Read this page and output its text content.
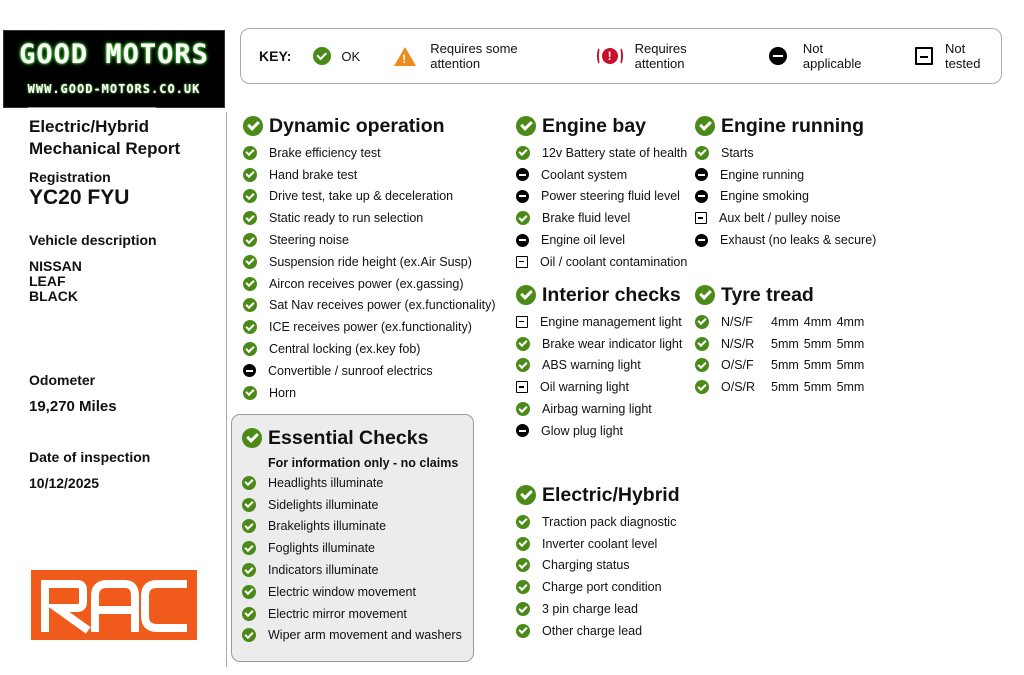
GOOD MOTORS
WWW.GOOD-MOTORS.CO.UK
Electric/Hybrid
Mechanical Report
Registration
YC20 FYU
Vehicle description
NISSAN
LEAF
BLACK
Odometer
19,270 Miles
Date of inspection
10/12/2025
KEY:	OK !	Requires some attention	!	Requires attention
Not applicable
Not tested
Dynamic operation
Brake efficiency test
Hand brake test
Drive test, take up & deceleration
Static ready to run selection
Steering noise
Suspension ride height (ex.Air Susp)
Aircon receives power (ex.gassing)
Sat Nav receives power (ex.functionality)
ICE receives power (ex.functionality)
Central locking (ex.key fob)
Convertible / sunroof electrics
Horn
Essential Checks
For information only - no claims
Headlights illuminate
Sidelights illuminate
Brakelights illuminate
Foglights illuminate
Indicators illuminate
Electric window movement
Electric mirror movement
Wiper arm movement and washers
Engine bay
12v Battery state of health
Coolant system
Power steering fluid level
Brake fluid level
Engine oil level
Oil / coolant contamination
Interior checks
Engine management light
Brake wear indicator light
ABS warning light
Oil warning light
Airbag warning light
Glow plug light
Electric/Hybrid
Traction pack diagnostic
Inverter coolant level
Charging status
Charge port condition
3 pin charge lead
Other charge lead
Engine running
Starts
Engine running
Engine smoking
Aux belt / pulley noise
Exhaust (no leaks & secure)
Tyre tread
N/S/F	4mm 4mm 4mm
N/S/R	5mm 5mm 5mm
O/S/F	5mm 5mm 5mm
O/S/R	5mm 5mm 5mm
